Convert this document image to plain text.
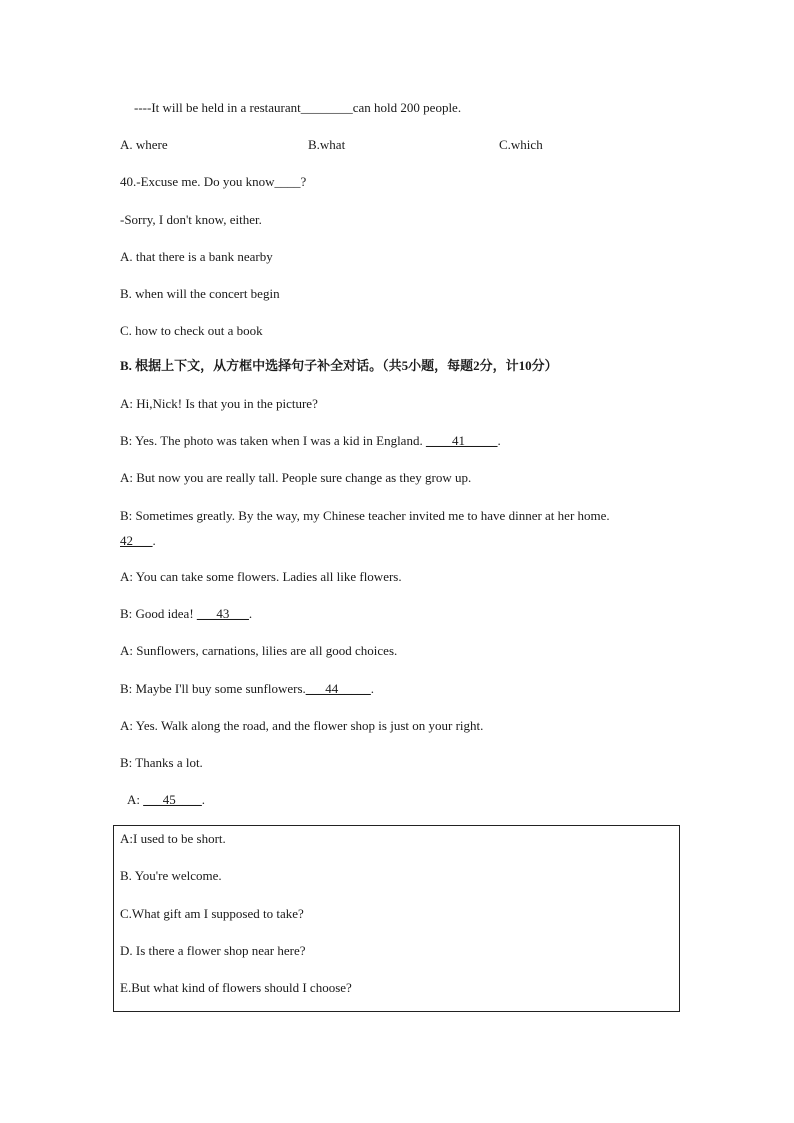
----It will be held in a restaurant________can hold 200 people.
A. where	B.what	C.which
40.-Excuse me. Do you know____?
-Sorry, I don't know, either.
A. that there is a bank nearby
B. when will the concert begin
C. how to check out a book
B. 根据上下文，从方框中选择句子补全对话。（共5小题，每题2分，计10分）
A: Hi,Nick! Is that you in the picture?
B: Yes. The photo was taken when I was a kid in England. ____41_____.
A: But now you are really tall. People sure change as they grow up.
B: Sometimes greatly. By the way, my Chinese teacher invited me to have dinner at her home.
42___.
A: You can take some flowers. Ladies all like flowers.
B: Good idea! ___43___.
A: Sunflowers, carnations, lilies are all good choices.
B: Maybe I'll buy some sunflowers.___44_____.
A: Yes. Walk along the road, and the flower shop is just on your right.
B: Thanks a lot.
A: ___45____.
A:I used to be short.
B. You're welcome.
C.What gift am I supposed to take?
D. Is there a flower shop near here?
E.But what kind of flowers should I choose?
